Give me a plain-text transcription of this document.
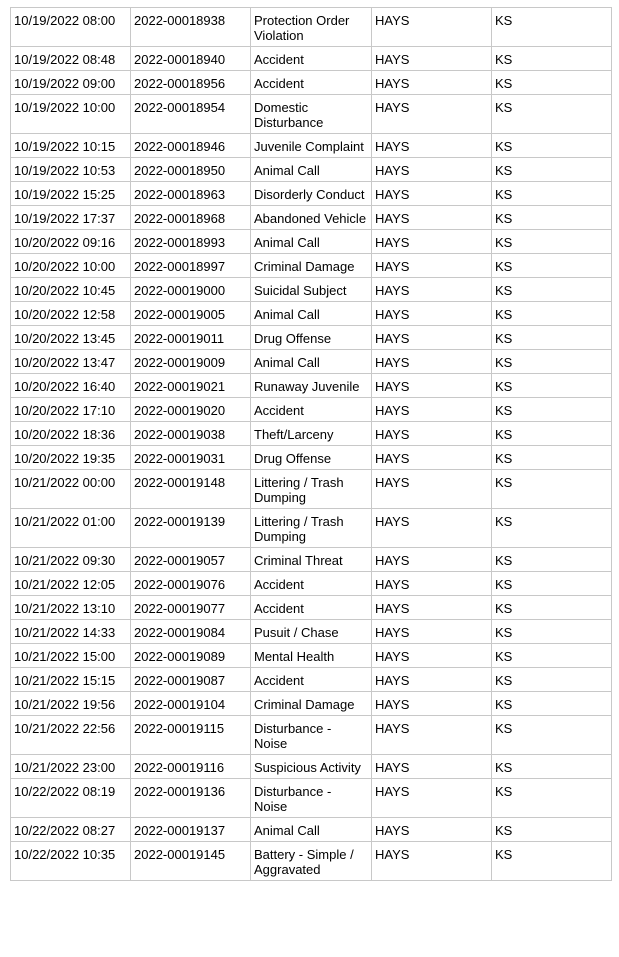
10/19/2022 08:00	2022-00018938	Protection Order Violation	HAYS	KS
10/19/2022 08:48	2022-00018940	Accident	HAYS	KS
10/19/2022 09:00	2022-00018956	Accident	HAYS	KS
10/19/2022 10:00	2022-00018954	Domestic Disturbance	HAYS	KS
10/19/2022 10:15	2022-00018946	Juvenile Complaint	HAYS	KS
10/19/2022 10:53	2022-00018950	Animal Call	HAYS	KS
10/19/2022 15:25	2022-00018963	Disorderly Conduct	HAYS	KS
10/19/2022 17:37	2022-00018968	Abandoned Vehicle	HAYS	KS
10/20/2022 09:16	2022-00018993	Animal Call	HAYS	KS
10/20/2022 10:00	2022-00018997	Criminal Damage	HAYS	KS
10/20/2022 10:45	2022-00019000	Suicidal Subject	HAYS	KS
10/20/2022 12:58	2022-00019005	Animal Call	HAYS	KS
10/20/2022 13:45	2022-00019011	Drug Offense	HAYS	KS
10/20/2022 13:47	2022-00019009	Animal Call	HAYS	KS
10/20/2022 16:40	2022-00019021	Runaway Juvenile	HAYS	KS
10/20/2022 17:10	2022-00019020	Accident	HAYS	KS
10/20/2022 18:36	2022-00019038	Theft/Larceny	HAYS	KS
10/20/2022 19:35	2022-00019031	Drug Offense	HAYS	KS
10/21/2022 00:00	2022-00019148	Littering / Trash Dumping	HAYS	KS
10/21/2022 01:00	2022-00019139	Littering / Trash Dumping	HAYS	KS
10/21/2022 09:30	2022-00019057	Criminal Threat	HAYS	KS
10/21/2022 12:05	2022-00019076	Accident	HAYS	KS
10/21/2022 13:10	2022-00019077	Accident	HAYS	KS
10/21/2022 14:33	2022-00019084	Pusuit / Chase	HAYS	KS
10/21/2022 15:00	2022-00019089	Mental Health	HAYS	KS
10/21/2022 15:15	2022-00019087	Accident	HAYS	KS
10/21/2022 19:56	2022-00019104	Criminal Damage	HAYS	KS
10/21/2022 22:56	2022-00019115	Disturbance - Noise	HAYS	KS
10/21/2022 23:00	2022-00019116	Suspicious Activity	HAYS	KS
10/22/2022 08:19	2022-00019136	Disturbance - Noise	HAYS	KS
10/22/2022 08:27	2022-00019137	Animal Call	HAYS	KS
10/22/2022 10:35	2022-00019145	Battery - Simple / Aggravated	HAYS	KS
